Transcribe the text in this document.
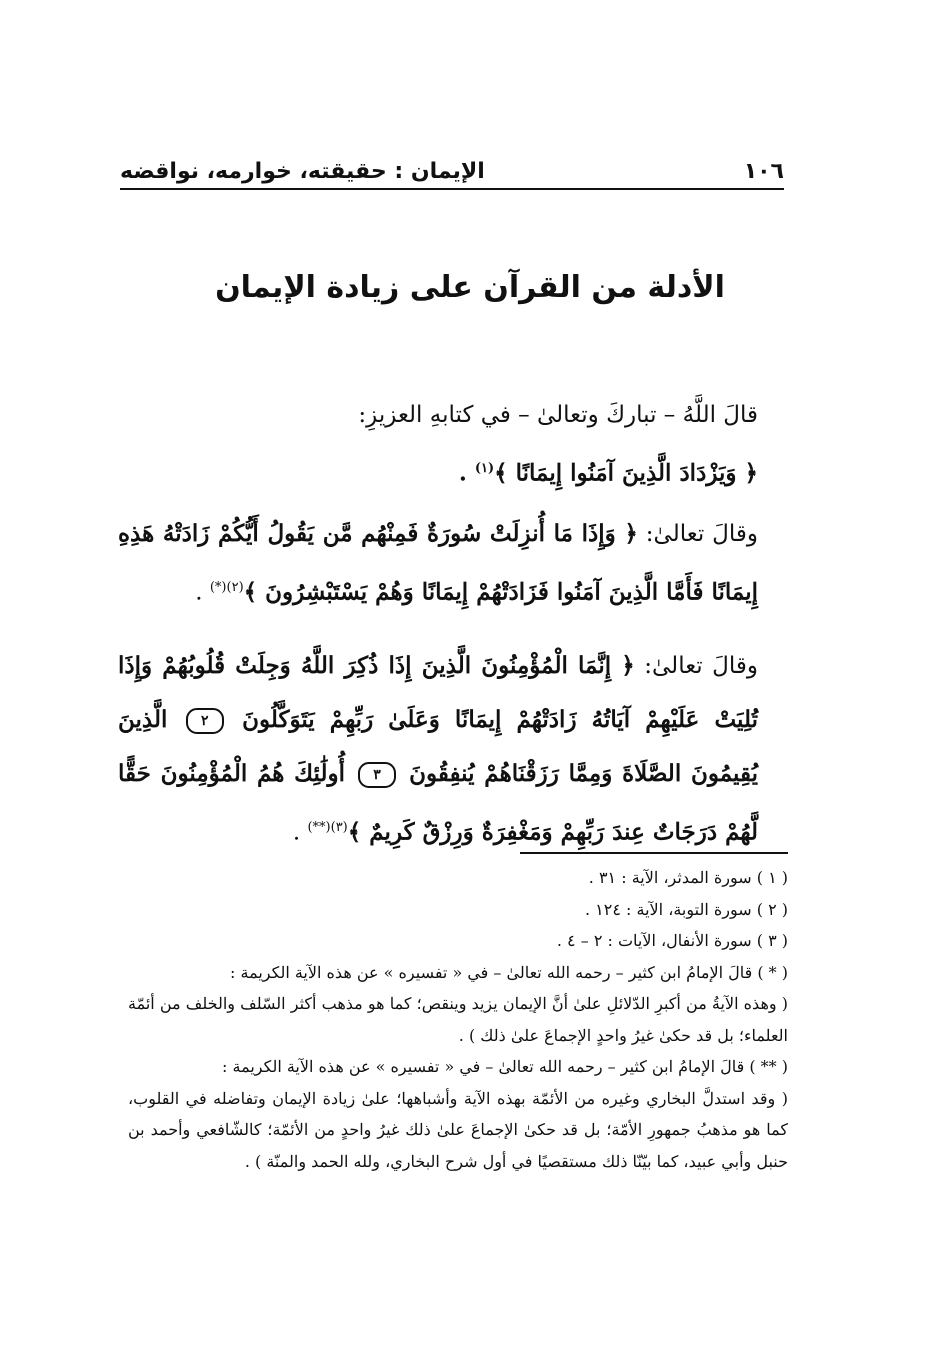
١٠٦
الإيمان : حقيقته، خوارمه، نواقضه
الأدلة من القرآن على زيادة الإيمان

قالَ اللَّهُ – تباركَ وتعالىٰ – في كتابهِ العزيزِ:

﴿ وَيَزْدَادَ الَّذِينَ آمَنُوا إِيمَانًا ﴾$^{(١)}$ .

وقالَ تعالىٰ: ﴿ وَإِذَا مَا أُنزِلَتْ سُورَةٌ فَمِنْهُم مَّن يَقُولُ أَيُّكُمْ زَادَتْهُ هَذِهِ إِيمَانًا فَأَمَّا الَّذِينَ آمَنُوا فَزَادَتْهُمْ إِيمَانًا وَهُمْ يَسْتَبْشِرُونَ ﴾$^{(٢)(*)}$ .

وقالَ تعالىٰ: ﴿ إِنَّمَا الْمُؤْمِنُونَ الَّذِينَ إِذَا ذُكِرَ اللَّهُ وَجِلَتْ قُلُوبُهُمْ وَإِذَا تُلِيَتْ عَلَيْهِمْ آيَاتُهُ زَادَتْهُمْ إِيمَانًا وَعَلَىٰ رَبِّهِمْ يَتَوَكَّلُونَ ٢ الَّذِينَ يُقِيمُونَ الصَّلَاةَ وَمِمَّا رَزَقْنَاهُمْ يُنفِقُونَ ٣ أُولَٰئِكَ هُمُ الْمُؤْمِنُونَ حَقًّا لَّهُمْ دَرَجَاتٌ عِندَ رَبِّهِمْ وَمَغْفِرَةٌ وَرِزْقٌ كَرِيمٌ ﴾$^{(٣)(**)}$ .

( ١ ) سورة المدثر، الآية : ٣١ .

( ٢ ) سورة التوبة، الآية : ١٢٤ .

( ٣ ) سورة الأنفال، الآيات : ٢ – ٤ .

( * ) قالَ الإمامُ ابن كثير – رحمه الله تعالىٰ – في « تفسيره » عن هذه الآية الكريمة :

( وهذه الآيةُ من أكبرِ الدّلائلِ علىٰ أنَّ الإيمان يزيد وينقص؛ كما هو مذهب أكثر السّلف والخلف من أئمّة العلماء؛ بل قد حكىٰ غيرُ واحدٍ الإجماعَ علىٰ ذلك ) .

( ** ) قالَ الإمامُ ابن كثير – رحمه الله تعالىٰ – في « تفسيره » عن هذه الآية الكريمة :

( وقد استدلَّ البخاري وغيره من الأئمّة بهذه الآية وأشباهها؛ علىٰ زيادة الإيمان وتفاضله في القلوب، كما هو مذهبُ جمهورِ الأمّة؛ بل قد حكىٰ الإجماعَ علىٰ ذلك غيرُ واحدٍ من الأئمّة؛ كالشّافعي وأحمد بن حنبل وأبي عبيد، كما بيّنّا ذلك مستقصيًا في أول شرح البخاري، ولله الحمد والمنّة ) .
